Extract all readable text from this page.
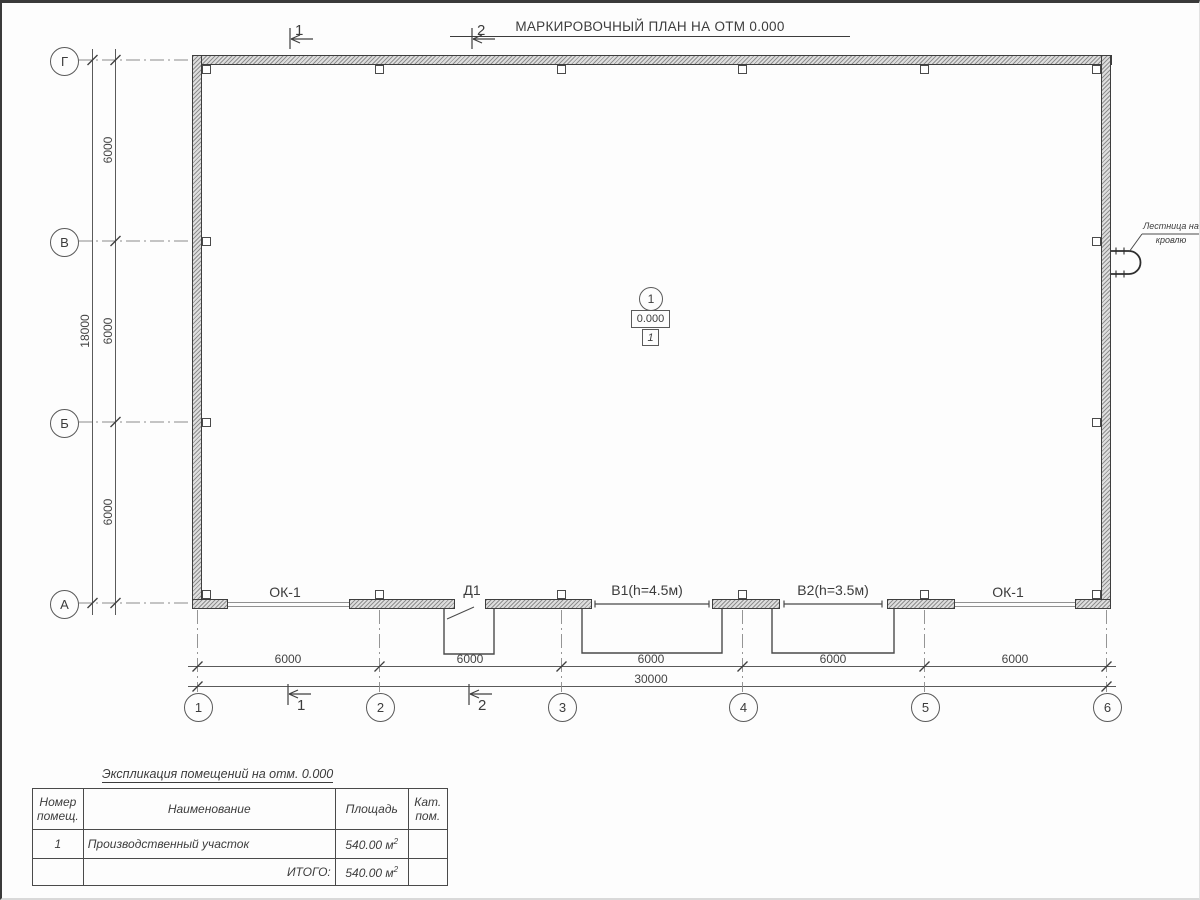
МАРКИРОВОЧНЫЙ ПЛАН НА ОТМ 0.000
Г
В
Б
А
1	2	3	4	5	6
1	2
1	2
6000
6000
6000
18000
6000	6000	6000	6000	6000
30000
ОК-1	Д1	В1(h=4.5м)	В2(h=3.5м)	ОК-1
1
0.000
1
Лестница на
кровлю
Экспликация помещений на отм. 0.000
Номер
помещ.	Наименование	Площадь	Кат.
пом.

1	Производственный участок	540.00 $м^2$	
	ИТОГО:	540.00 $м^2$	
